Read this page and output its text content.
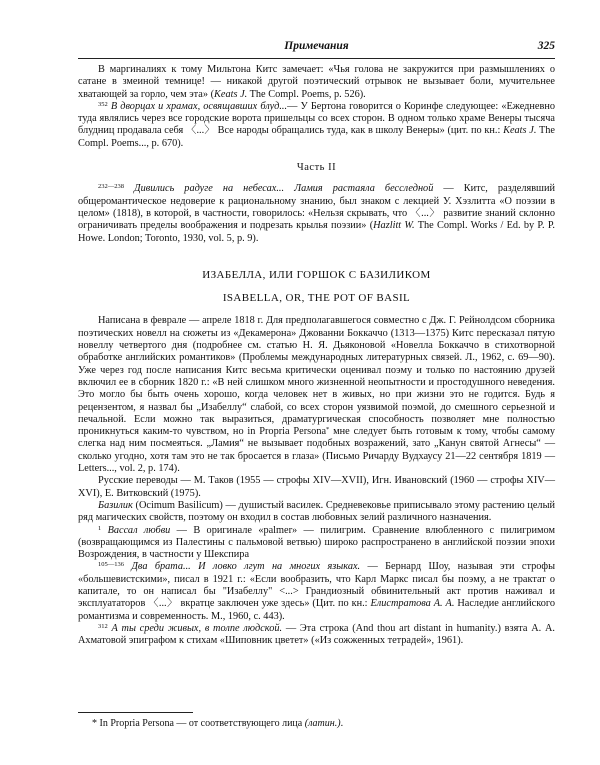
Примечания	325

В маргиналиях к тому Мильтона Китс замечает: «Чья голова не закружится при размышлениях о сатане в змеиной темнице! — никакой другой поэтический отрывок не вызывает боли, мучительнее хватающей за горло, чем эта» (Keats J. The Compl. Poems, p. 526).

$^{352}$ В дворцах и храмах, освящавших блуд...— У Бертона говорится о Коринфе следующее: «Ежедневно туда являлись через все городские ворота пришельцы со всех сторон. В одном только храме Венеры тысяча блудниц продавала себя 〈...〉 Все народы обращались туда, как в школу Венеры» (цит. по кн.: Keats J. The Compl. Poems..., p. 670).

Часть II

$^{232—238}$ Дивились радуге на небесах... Ламия растаяла бесследной — Китс, разделявший общеромантическое недоверие к рациональному знанию, был знаком с лекцией У. Хэзлитта «О поэзии в целом» (1818), в которой, в частности, говорилось: «Нельзя скрывать, что 〈...〉 развитие знаний склонно ограничивать пределы воображения и подрезать крылья поэзии» (Hazlitt W. The Compl. Works / Ed. by P. P. Howe. London; Toronto, 1930, vol. 5, p. 9).

ИЗАБЕЛЛА, ИЛИ ГОРШОК С БАЗИЛИКОМ
ISABELLA, OR, THE POT OF BASIL

Написана в феврале — апреле 1818 г. Для предполагавшегося совместно с Дж. Г. Рейнолдсом сборника поэтических новелл на сюжеты из «Декамерона» Джованни Боккаччо (1313—1375) Китс пересказал пятую новеллу четвертого дня (подробнее см. статью Н. Я. Дьяконовой «Новелла Боккаччо в стихотворной обработке английских романтиков» (Проблемы международных литературных связей. Л., 1962, с. 69—90). Уже через год после написания Китс весьма критически оценивал поэму и только по настоянию друзей включил ее в сборник 1820 г.: «В ней слишком много жизненной неопытности и простодушного неведения. Это могло бы быть очень хорошо, когда человек нет в живых, но при жизни это не годится. Будь я рецензентом, я назвал бы „Изабеллу“ слабой, со всех сторон уязвимой поэмой, до смешного серьезной и печальной. Если можно так выразиться, драматургическая способность позволяет мне полностью проникнуться каким-то чувством, но in Propria Persona* мне следует быть готовым к тому, чтобы самому слегка над ним посмеяться. „Ламия“ не вызывает подобных возражений, зато „Канун святой Агнесы“ — сколько угодно, хотя там это не так бросается в глаза» (Письмо Ричарду Вудхаусу 21—22 сентября 1819 — Letters..., vol. 2, p. 174).

Русские переводы — М. Таков (1955 — строфы XIV—XVII), Игн. Ивановский (1960 — строфы XIV—XVI), Е. Витковский (1975).

Базилик (Ocimum Basilicum) — душистый василек. Средневековье приписывало этому растению целый ряд магических свойств, поэтому он входил в состав любовных зелий различного назначения.

$^1$ Вассал любви — В оригинале «palmer» — пилигрим. Сравнение влюбленного с пилигримом (возвращающимся из Палестины с пальмовой ветвью) широко распространено в английской поэзии эпохи Возрождения, в частности у Шекспира

$^{105—136}$ Два брата... И ловко лгут на многих языках. — Бернард Шоу, называя эти строфы «большевистскими», писал в 1921 г.: «Если вообразить, что Карл Маркс писал бы поэму, а не трактат о капитале, то он написал бы "Изабеллу" <...> Грандиозный обвинительный акт против наживал и эксплуататоров 〈...〉 вкратце заключен уже здесь» (Цит. по кн.: Елистратова А. А. Наследие английского романтизма и современность. М., 1960, с. 443).

$^{312}$ А ты среди живых, в толпе людской. — Эта строка (And thou art distant in humanity.) взята А. А. Ахматовой эпиграфом к стихам «Шиповник цветет» («Из сожженных тетрадей», 1961).

* In Propria Persona — от соответствующего лица (латин.).
